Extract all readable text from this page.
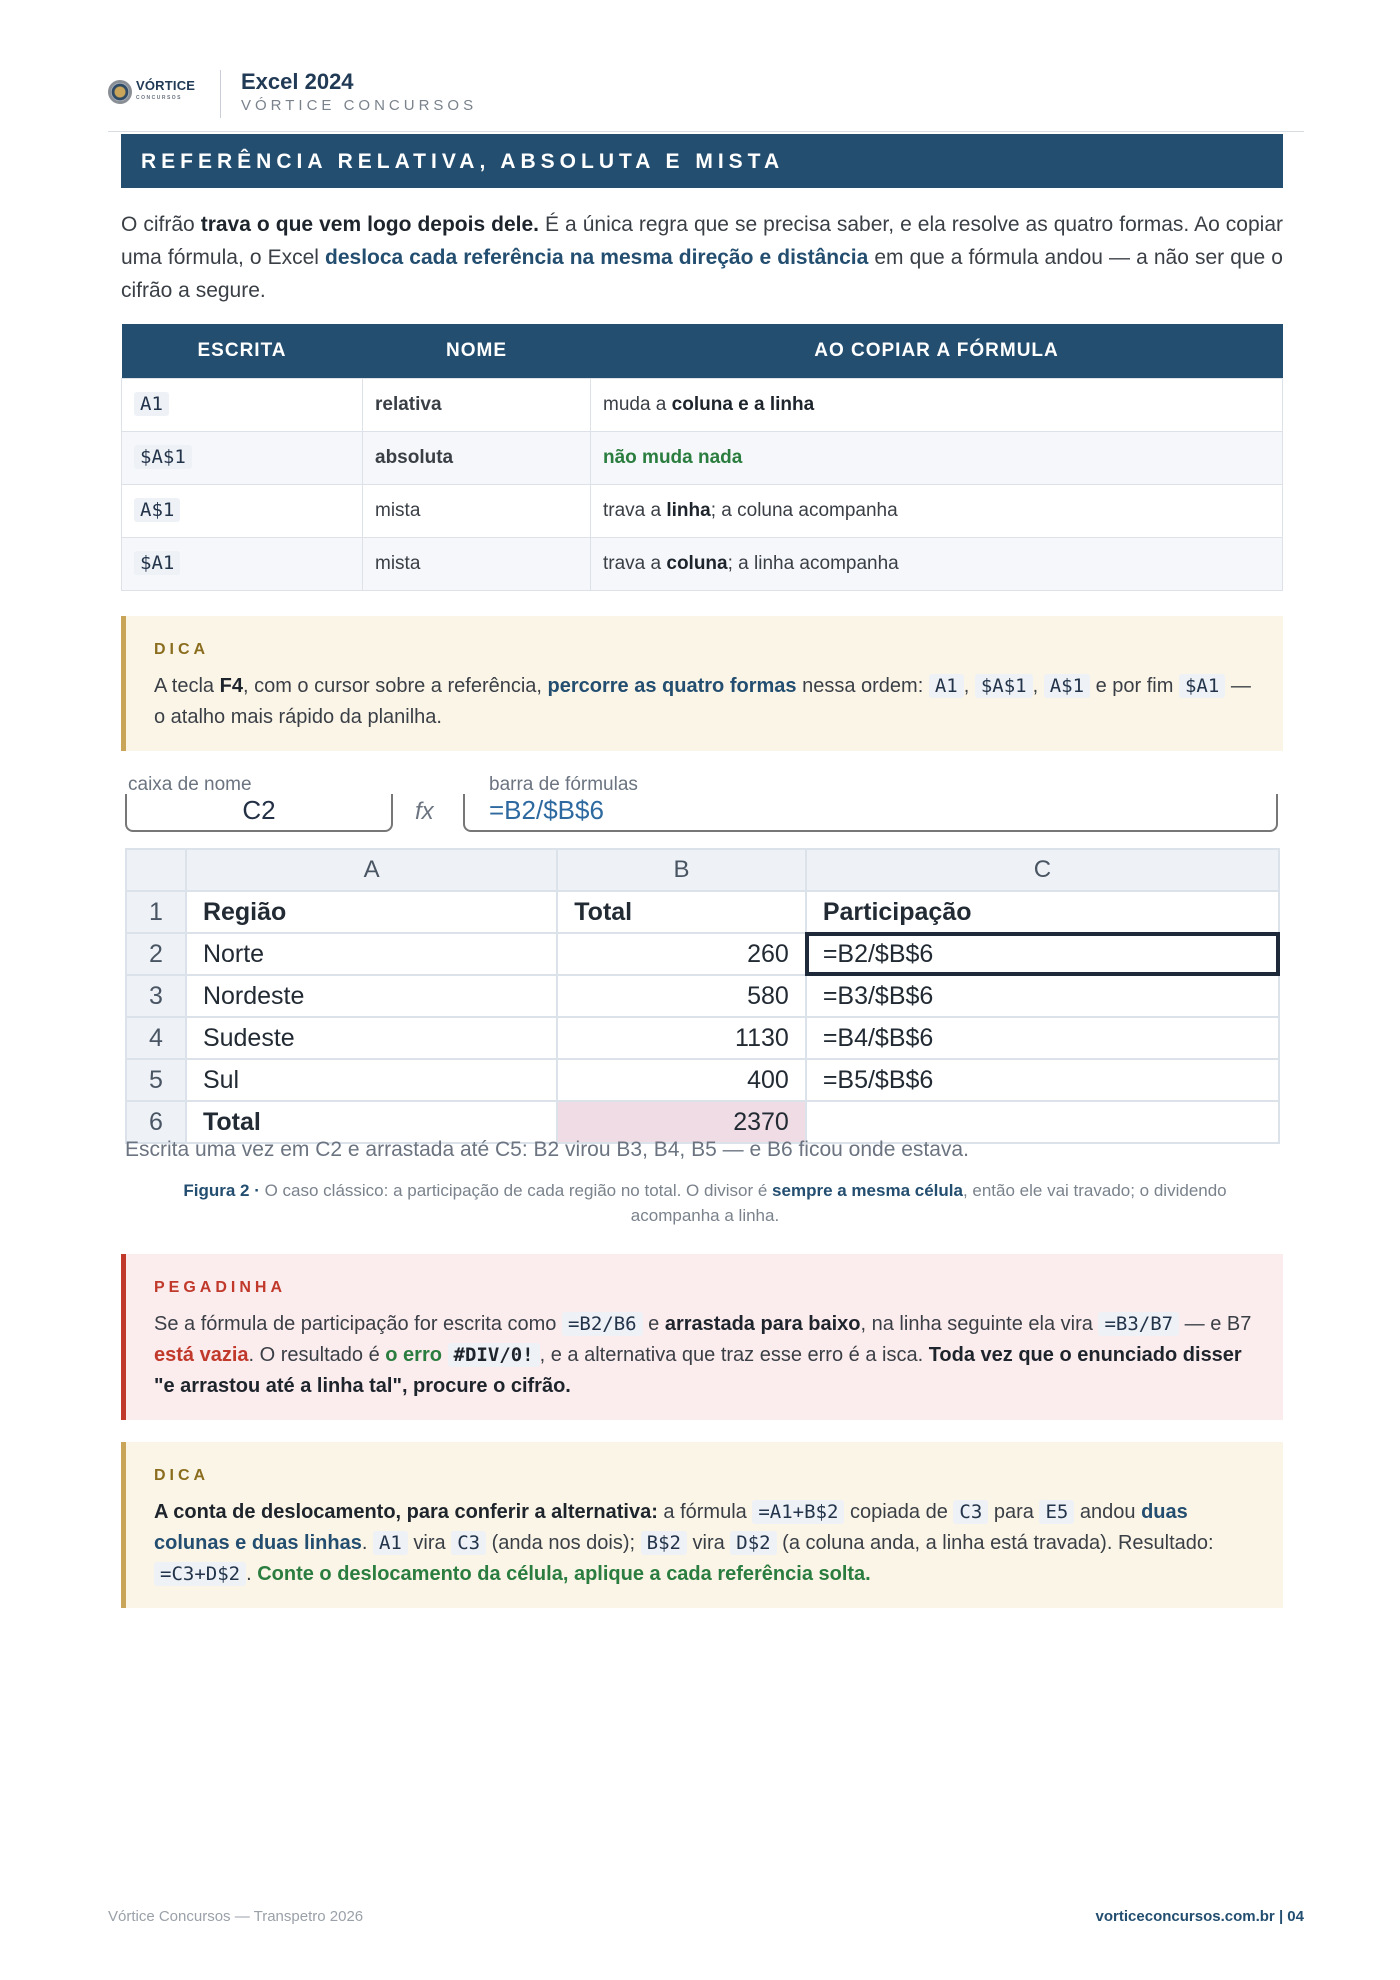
VÓRTICE
CONCURSOS
Excel 2024
VÓRTICE CONCURSOS
REFERÊNCIA RELATIVA, ABSOLUTA E MISTA

O cifrão trava o que vem logo depois dele. É a única regra que se precisa saber, e ela resolve as quatro formas. Ao copiar uma fórmula, o Excel desloca cada referência na mesma direção e distância em que a fórmula andou — a não ser que o cifrão a segure.

ESCRITA	NOME	AO COPIAR A FÓRMULA
A1	relativa	muda a coluna e a linha
$A$1	absoluta	não muda nada
A$1	mista	trava a linha; a coluna acompanha
$A1	mista	trava a coluna; a linha acompanha
DICA
A tecla F4, com o cursor sobre a referência, percorre as quatro formas nessa ordem: A1 , $A$1 , A$1 e por fim $A1 — o atalho mais rápido da planilha.
caixa de nome	barra de fórmulas
C2	fx	=B2/$B$6
	A	B	C
1	Região	Total	Participação
2	Norte	260	=B2/$B$6
3	Nordeste	580	=B3/$B$6
4	Sudeste	1130	=B4/$B$6
5	Sul	400	=B5/$B$6
6	Total	2370	
Escrita uma vez em C2 e arrastada até C5: B2 virou B3, B4, B5 — e B6 ficou onde estava.

Figura 2 · O caso clássico: a participação de cada região no total. O divisor é sempre a mesma célula, então ele vai travado; o dividendo acompanha a linha.

PEGADINHA
Se a fórmula de participação for escrita como =B2/B6 e arrastada para baixo, na linha seguinte ela vira =B3/B7 — e B7 está vazia. O resultado é o erro #DIV/0! , e a alternativa que traz esse erro é a isca. Toda vez que o enunciado disser "e arrastou até a linha tal", procure o cifrão.
DICA
A conta de deslocamento, para conferir a alternativa: a fórmula =A1+B$2 copiada de C3 para E5 andou duas colunas e duas linhas. A1 vira C3 (anda nos dois); B$2 vira D$2 (a coluna anda, a linha está travada). Resultado: =C3+D$2 . Conte o deslocamento da célula, aplique a cada referência solta.
Vórtice Concursos — Transpetro 2026	vorticeconcursos.com.br | 04
